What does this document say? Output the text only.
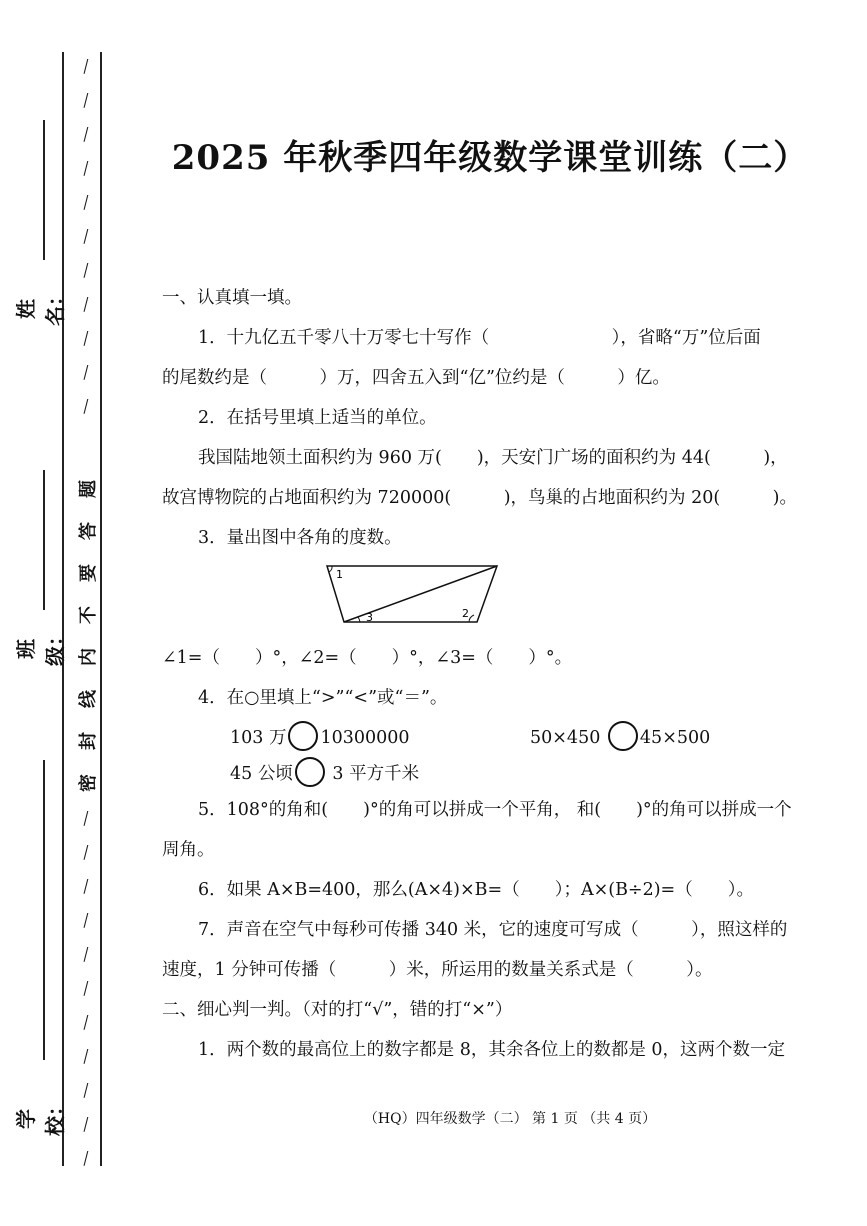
/
/
/
/
/
/
/
/
/
/
/
/
/
/
/
/
/
/
/
/
/
/
密
封
线
内
不
要
答
题
姓名：
班级：
学校：
2025 年秋季四年级数学课堂训练（二）

一、认真填一填。

1．十九亿五千零八十万零七十写作（　　　　　　　），省略“万”位后面

的尾数约是（　　　）万，四舍五入到“亿”位约是（　　　）亿。

2．在括号里填上适当的单位。

我国陆地领土面积约为 960 万(　　)，天安门广场的面积约为 44(　　　)，

故宫博物院的占地面积约为 720000(　　　)，鸟巢的占地面积约为 20(　　　)。

3．量出图中各角的度数。

1
2
3

∠1=（　　）°，∠2=（　　）°，∠3=（　　）°。

4．在○里填上“>”“<”或“＝”。

103 万 10300000	50×450 45×500
45 公顷 3 平方千米

5．108°的角和(　　)°的角可以拼成一个平角， 和(　　)°的角可以拼成一个

周角。

6．如果 A×B=400，那么(A×4)×B=（　　）；A×(B÷2)=（　　）。

7．声音在空气中每秒可传播 340 米，它的速度可写成（　　　），照这样的

速度，1 分钟可传播（　　　）米，所运用的数量关系式是（　　　）。

二、细心判一判。（对的打“√”，错的打“×”）

1．两个数的最高位上的数字都是 8，其余各位上的数都是 0，这两个数一定

（HQ）四年级数学（二） 第 1 页 （共 4 页）
